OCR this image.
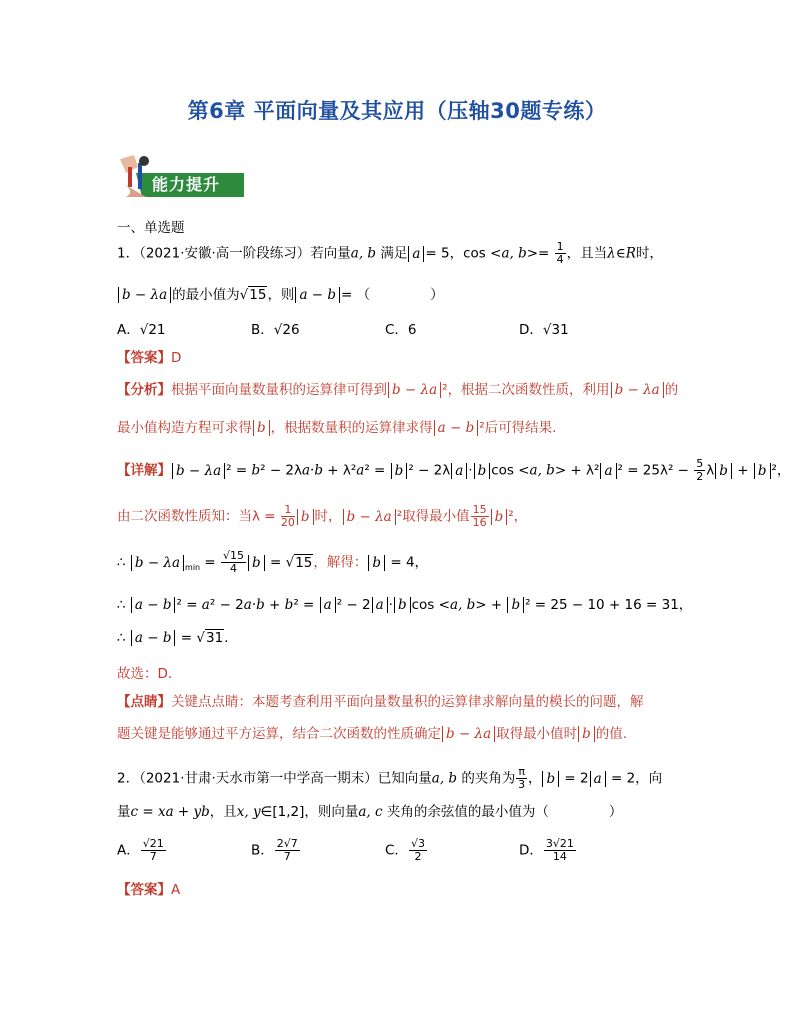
第6章 平面向量及其应用（压轴30题专练）
能力提升
一、单选题
1．（2021·安徽·高一阶段练习）若向量a, b 满足 a = 5，cos <a, $b>= \frac{1}{4}$ ，且当λ∈R时，
b − λa 的最小值为√15，则 a − b = （	）
A．√21	B．√26	C．6	D．√31
【答案】D
【分析】根据平面向量数量积的运算律可得到 b − λa ²，根据二次函数性质，利用 b − λa 的
最小值构造方程可求得 b ，根据数量积的运算律求得 a − b ²后可得结果.
【详解】 b − λa ² = b² − 2λa·b + λ²a² = b ² − 2λ a · b cos <a, b> + λ² a $^2 = 25\lambda^2 - \frac{5}{2}$ λ b + b ²，
由二次函数性质知：当$\lambda = \frac{1}{20}$ b 时， b − λa ²取得最小值 $\frac{15}{16}$ b ²，
∴ b − λa $_{min} = \frac{√15}{4}$ b = √15，解得： b = 4，
∴ a − b ² = a² − 2a·b + b² = a ² − 2 a · b cos <a, b> + b ² = 25 − 10 + 16 = 31，
∴ a − b = √31.
故选：D.
【点睛】关键点点睛：本题考查利用平面向量数量积的运算律求解向量的模长的问题，解
题关键是能够通过平方运算，结合二次函数的性质确定 b − λa 取得最小值时 b 的值.
2．（2021·甘肃·天水市第一中学高一期末）已知向量a, b 的夹角为 $\frac{\pi}{3}$ ， b = 2 a = 2，向
量c = xa + yb，且x, y∈[1,2]，则向量a, c 夹角的余弦值的最小值为（	）
A． $\frac{√21}{7}$	B． $\frac{2√7}{7}$	C． $\frac{√3}{2}$	D． $\frac{3√21}{14}$
【答案】A
